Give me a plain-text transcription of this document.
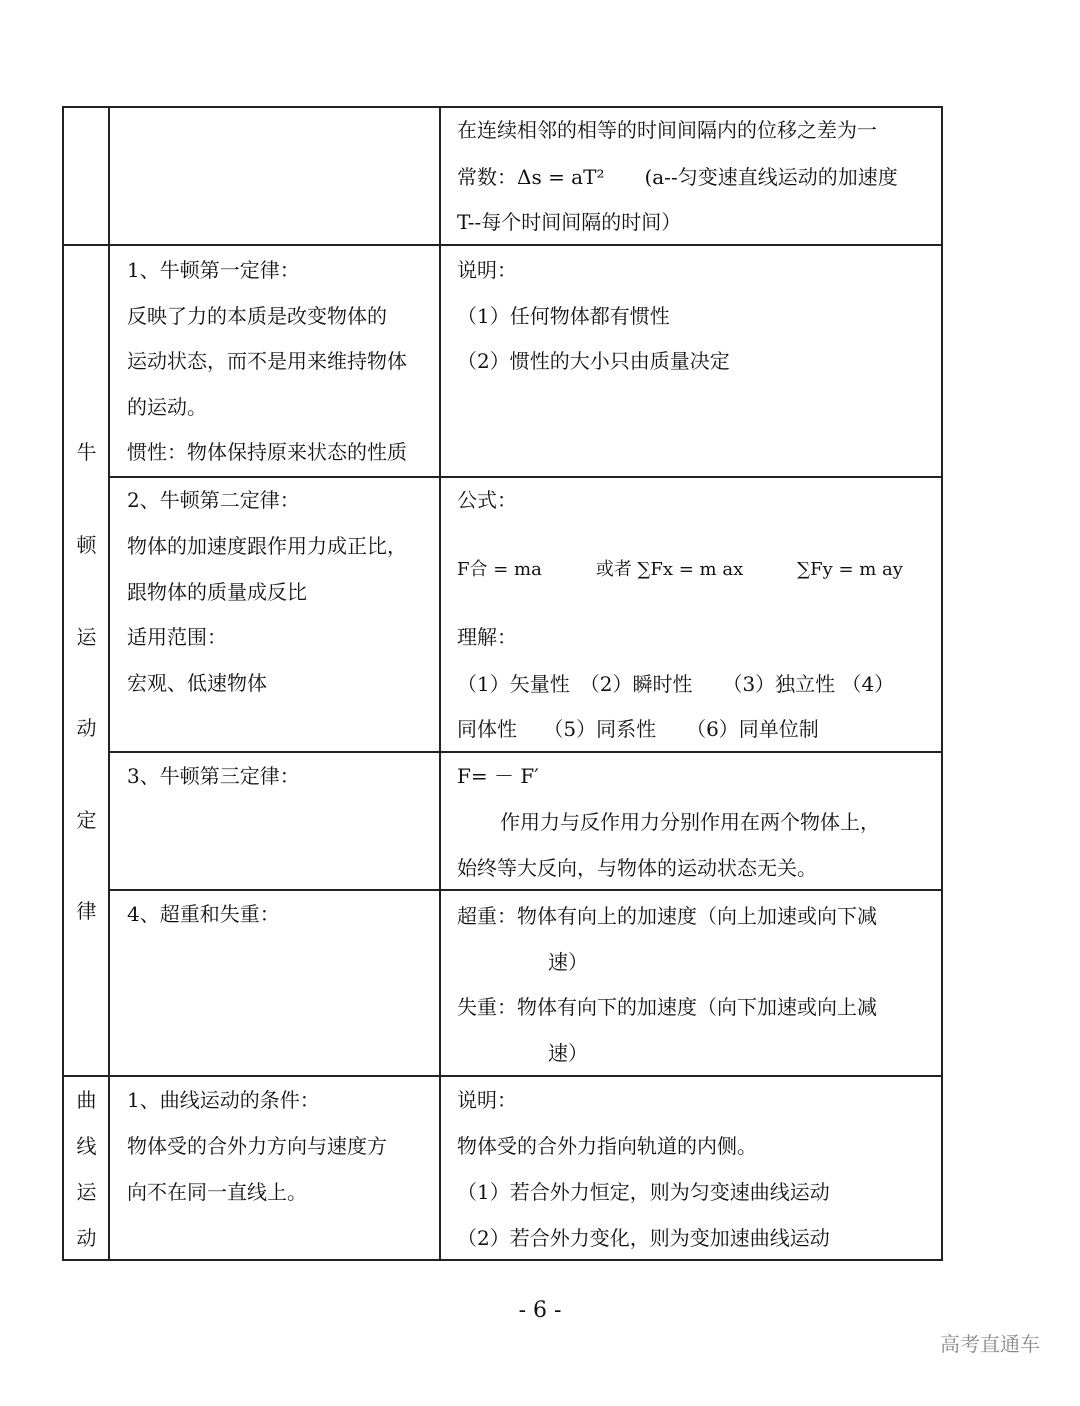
在连续相邻的相等的时间间隔内的位移之差为一
常数：Δs = aT²　　(a--匀变速直线运动的加速度
T--每个时间间隔的时间）
牛
顿
运
动
定
律
1、牛顿第一定律：
反映了力的本质是改变物体的
运动状态，而不是用来维持物体
的运动。
惯性：物体保持原来状态的性质
说明：
（1）任何物体都有惯性
（2）惯性的大小只由质量决定
2、牛顿第二定律：
物体的加速度跟作用力成正比，
跟物体的质量成反比
适用范围：
宏观、低速物体
公式：
F合 = ma　　　或者 ∑Fx = m ax　　　∑Fy = m ay
理解：
（1）矢量性　（2）瞬时性　　（3）独立性 （4）
同体性　 （5）同系性　　（6）同单位制
3、牛顿第三定律：	F= － F′
作用力与反作用力分别作用在两个物体上，
始终等大反向，与物体的运动状态无关。
4、超重和失重：	超重：物体有向上的加速度（向上加速或向下减
速）
失重：物体有向下的加速度（向下加速或向上减
速）
曲
线
运
动
1、曲线运动的条件：
物体受的合外力方向与速度方
向不在同一直线上。
说明：
物体受的合外力指向轨道的内侧。
（1）若合外力恒定，则为匀变速曲线运动
（2）若合外力变化，则为变加速曲线运动
- 6 -
高考直通车
